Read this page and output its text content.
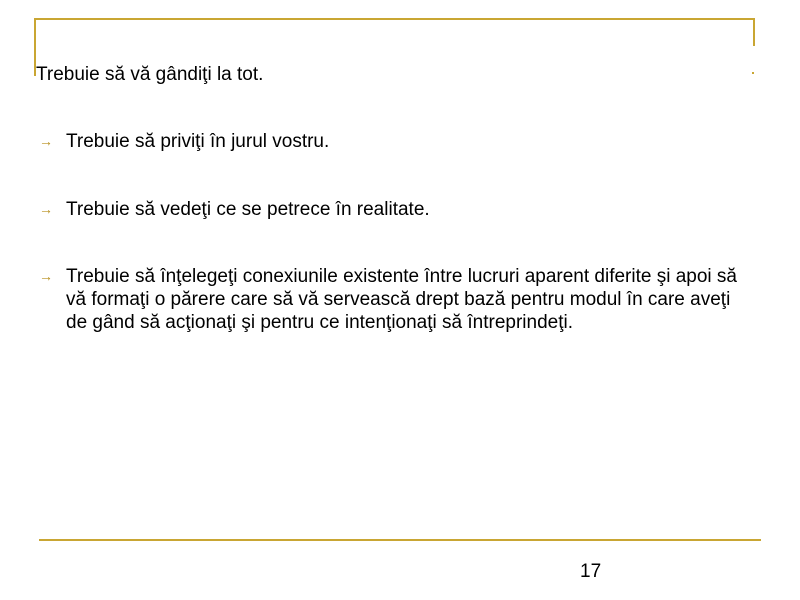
Trebuie să vă gândiţi la tot.
→ Trebuie să priviţi în jurul vostru.
→ Trebuie să vedeţi ce se petrece în realitate.
→ Trebuie să înţelegeţi conexiunile existente între lucruri aparent diferite şi apoi să vă formaţi o părere care să vă servească drept bază pentru modul în care aveţi de gând să acţionaţi şi pentru ce intenţionaţi să întreprindeţi.
17
